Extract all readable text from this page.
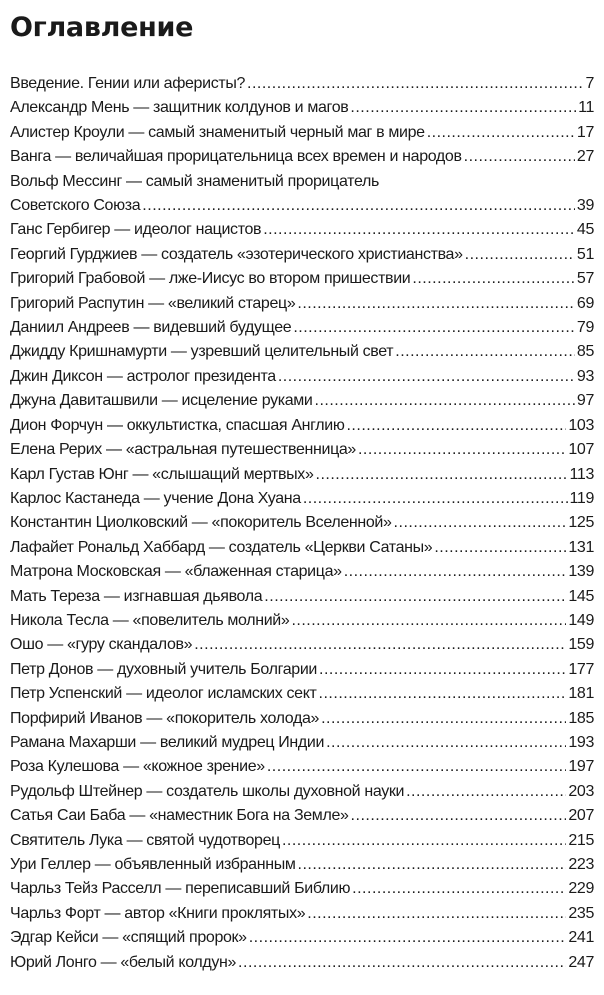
Оглавление
Введение. Гении или аферисты? .....	7
Александр Мень — защитник колдунов и магов .....	11
Алистер Кроули — самый знаменитый черный маг в мире .....	17
Ванга — величайшая прорицательница всех времен и народов .....	27
Вольф Мессинг — самый знаменитый прорицатель
Советского Союза .....	39
Ганс Гербигер — идеолог нацистов .....	45
Георгий Гурджиев — создатель «эзотерического христианства» .....	51
Григорий Грабовой — лже-Иисус во втором пришествии .....	57
Григорий Распутин — «великий старец» .....	69
Даниил Андреев — видевший будущее .....	79
Джидду Кришнамурти — узревший целительный свет .....	85
Джин Диксон — астролог президента .....	93
Джуна Давиташвили — исцеление руками .....	97
Дион Форчун — оккультистка, спасшая Англию .....	103
Елена Рерих — «астральная путешественница» .....	107
Карл Густав Юнг — «слышащий мертвых» .....	113
Карлос Кастанеда — учение Дона Хуана .....	119
Константин Циолковский — «покоритель Вселенной» .....	125
Лафайет Рональд Хаббард — создатель «Церкви Сатаны» .....	131
Матрона Московская — «блаженная старица» .....	139
Мать Тереза — изгнавшая дьявола .....	145
Никола Тесла — «повелитель молний» .....	149
Ошо — «гуру скандалов» .....	159
Петр Донов — духовный учитель Болгарии .....	177
Петр Успенский — идеолог исламских сект .....	181
Порфирий Иванов — «покоритель холода» .....	185
Рамана Махарши — великий мудрец Индии .....	193
Роза Кулешова — «кожное зрение» .....	197
Рудольф Штейнер — создатель школы духовной науки .....	203
Сатья Саи Баба — «наместник Бога на Земле» .....	207
Святитель Лука — святой чудотворец .....	215
Ури Геллер — объявленный избранным .....	223
Чарльз Тейз Расселл — переписавший Библию .....	229
Чарльз Форт — автор «Книги проклятых» .....	235
Эдгар Кейси — «спящий пророк» .....	241
Юрий Лонго — «белый колдун» .....	247
